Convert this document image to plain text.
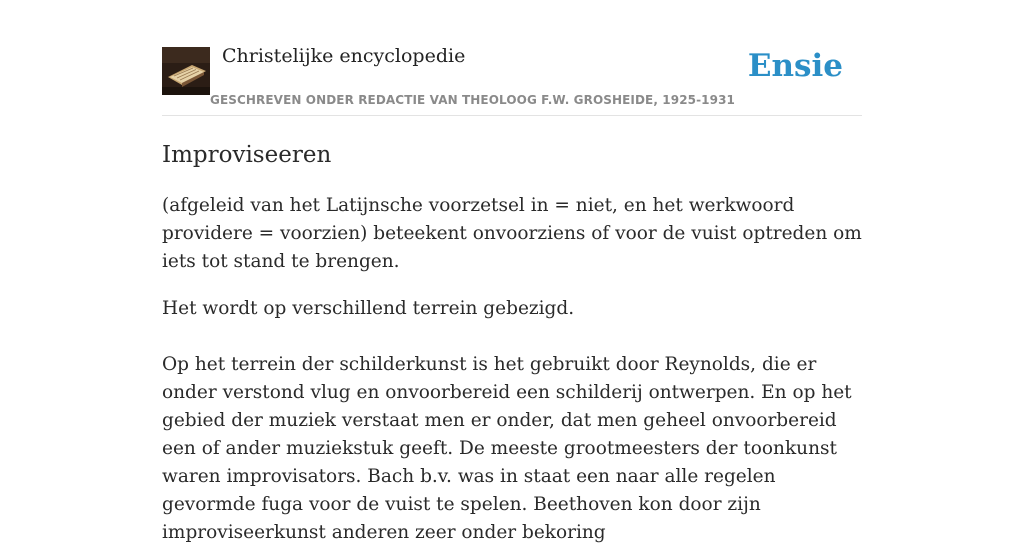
Christelijke encyclopedie
GESCHREVEN ONDER REDACTIE VAN THEOLOOG F.W. GROSHEIDE, 1925-1931
Ensie
Improviseeren

(afgeleid van het Latijnsche voorzetsel in = niet, en het werkwoord providere = voorzien) beteekent onvoorziens of voor de vuist optreden om iets tot stand te brengen.

Het wordt op verschillend terrein gebezigd.

Op het terrein der schilderkunst is het gebruikt door Reynolds, die er onder verstond vlug en onvoorbereid een schilderij ontwerpen. En op het gebied der muziek verstaat men er onder, dat men geheel onvoorbereid een of ander muziekstuk geeft. De meeste grootmeesters der toonkunst waren improvisators. Bach b.v. was in staat een naar alle regelen gevormde fuga voor de vuist te spelen. Beethoven kon door zijn improviseerkunst anderen zeer onder bekoring
